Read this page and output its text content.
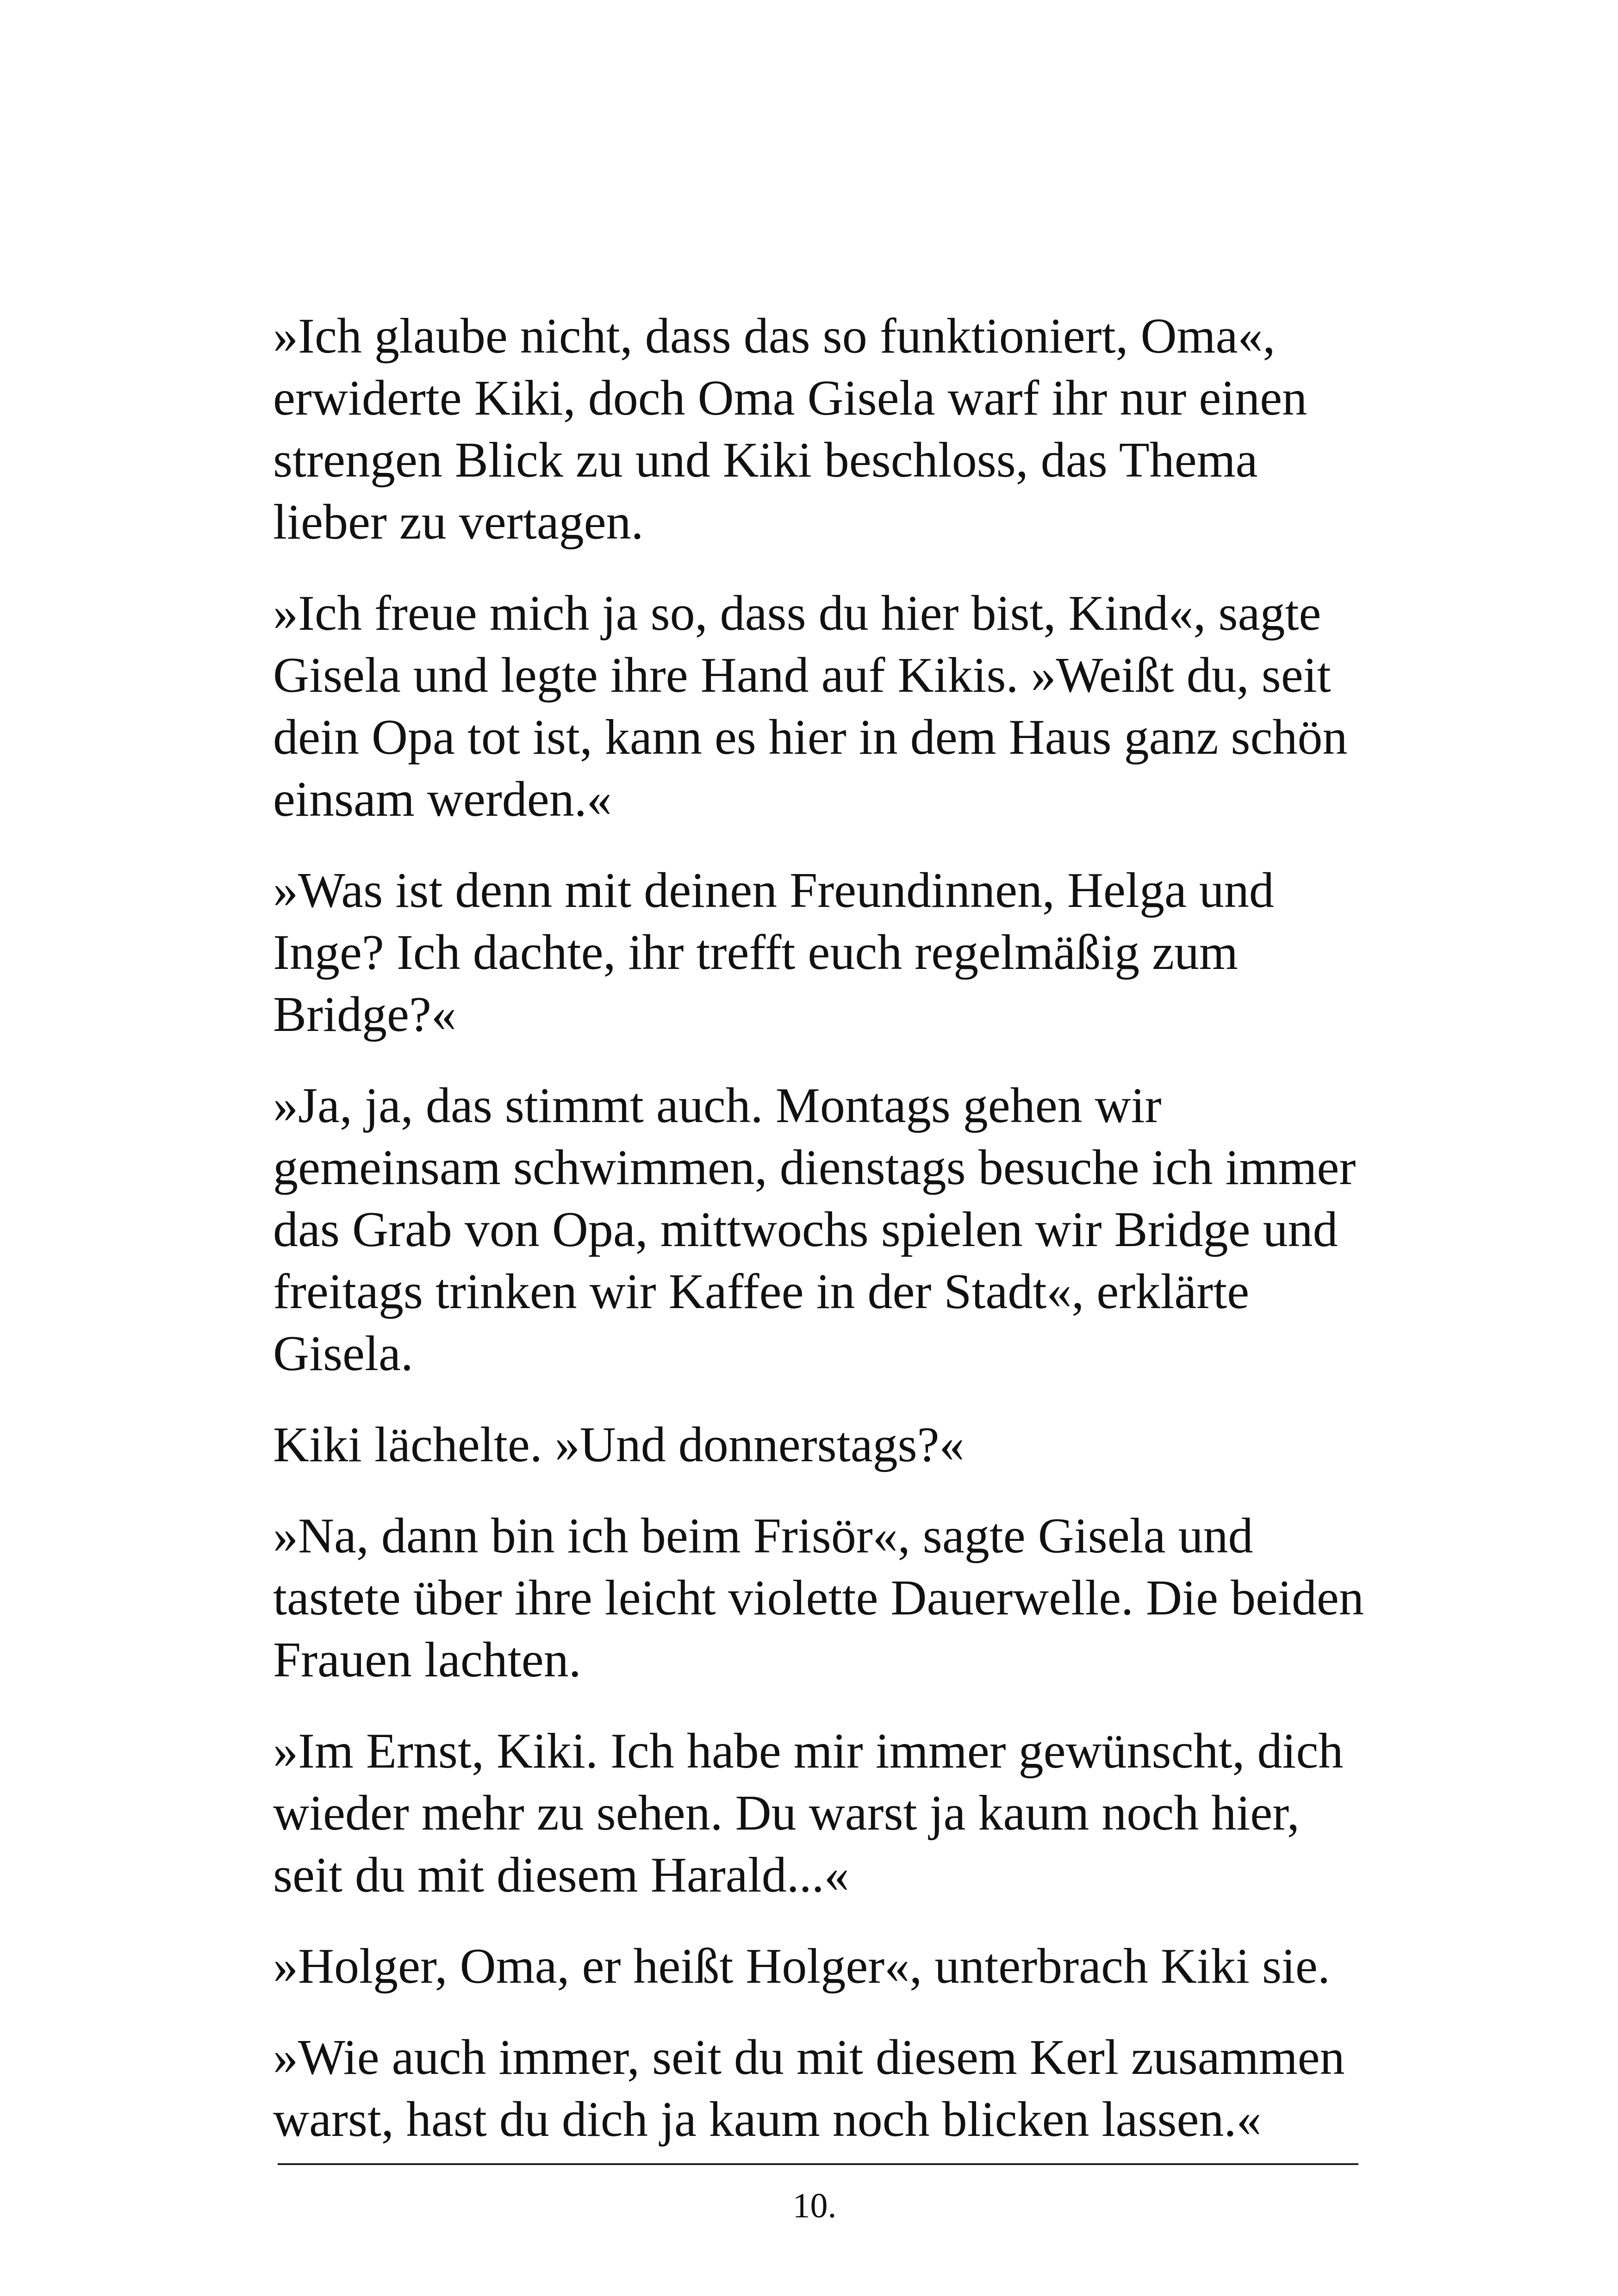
»Ich glaube nicht, dass das so funktioniert, Oma«, erwiderte Kiki, doch Oma Gisela warf ihr nur einen strengen Blick zu und Kiki beschloss, das Thema lieber zu vertagen.

»Ich freue mich ja so, dass du hier bist, Kind«, sagte Gisela und legte ihre Hand auf Kikis. »Weißt du, seit dein Opa tot ist, kann es hier in dem Haus ganz schön einsam werden.«

»Was ist denn mit deinen Freundinnen, Helga und Inge? Ich dachte, ihr trefft euch regelmäßig zum Bridge?«

»Ja, ja, das stimmt auch. Montags gehen wir gemeinsam schwimmen, dienstags besuche ich immer das Grab von Opa, mittwochs spielen wir Bridge und freitags trinken wir Kaffee in der Stadt«, erklärte Gisela.

Kiki lächelte. »Und donnerstags?«

»Na, dann bin ich beim Frisör«, sagte Gisela und tastete über ihre leicht violette Dauerwelle. Die beiden Frauen lachten.

»Im Ernst, Kiki. Ich habe mir immer gewünscht, dich wieder mehr zu sehen. Du warst ja kaum noch hier, seit du mit diesem Harald...«

»Holger, Oma, er heißt Holger«, unterbrach Kiki sie.

»Wie auch immer, seit du mit diesem Kerl zusammen warst, hast du dich ja kaum noch blicken lassen.«

10.
